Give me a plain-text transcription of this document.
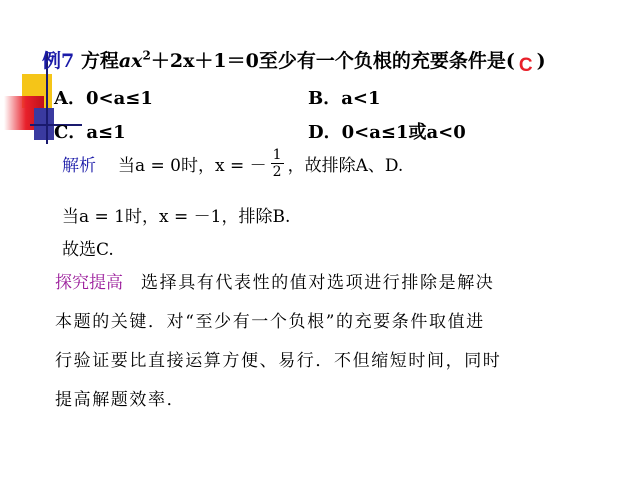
例7 方程$ax^2+2x+1=0$至少有一个负根的充要条件是( C )
A．0<a≤1	B．a<1
C．a≤1	D．0<a≤1或a<0
解析 当a = 0时，x = － $\frac{1}{2}$ ，故排除A、D.
当a = 1时，x = －1，排除B.
故选C.
探究提高 选择具有代表性的值对选项进行排除是解决
本题的关键．对“至少有一个负根”的充要条件取值进
行验证要比直接运算方便、易行．不但缩短时间，同时
提高解题效率．
